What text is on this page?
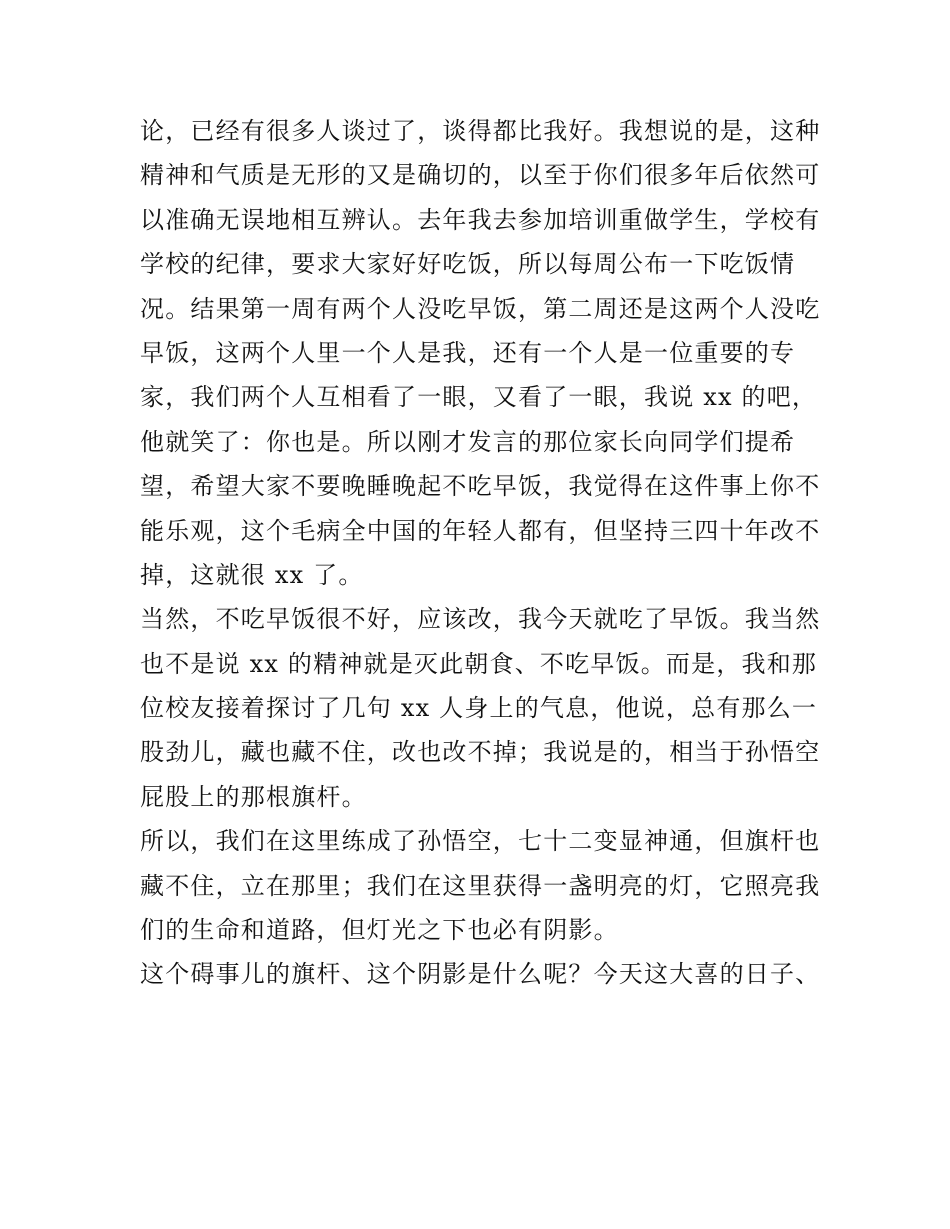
论，已经有很多人谈过了，谈得都比我好。我想说的是，这种
精神和气质是无形的又是确切的，以至于你们很多年后依然可
以准确无误地相互辨认。去年我去参加培训重做学生，学校有
学校的纪律，要求大家好好吃饭，所以每周公布一下吃饭情
况。结果第一周有两个人没吃早饭，第二周还是这两个人没吃
早饭，这两个人里一个人是我，还有一个人是一位重要的专
家，我们两个人互相看了一眼，又看了一眼，我说 xx 的吧，
他就笑了：你也是。所以刚才发言的那位家长向同学们提希
望，希望大家不要晚睡晚起不吃早饭，我觉得在这件事上你不
能乐观，这个毛病全中国的年轻人都有，但坚持三四十年改不
掉，这就很 xx 了。
当然，不吃早饭很不好，应该改，我今天就吃了早饭。我当然
也不是说 xx 的精神就是灭此朝食、不吃早饭。而是，我和那
位校友接着探讨了几句 xx 人身上的气息，他说，总有那么一
股劲儿，藏也藏不住，改也改不掉；我说是的，相当于孙悟空
屁股上的那根旗杆。
所以，我们在这里练成了孙悟空，七十二变显神通，但旗杆也
藏不住，立在那里；我们在这里获得一盏明亮的灯，它照亮我
们的生命和道路，但灯光之下也必有阴影。
这个碍事儿的旗杆、这个阴影是什么呢？今天这大喜的日子、
